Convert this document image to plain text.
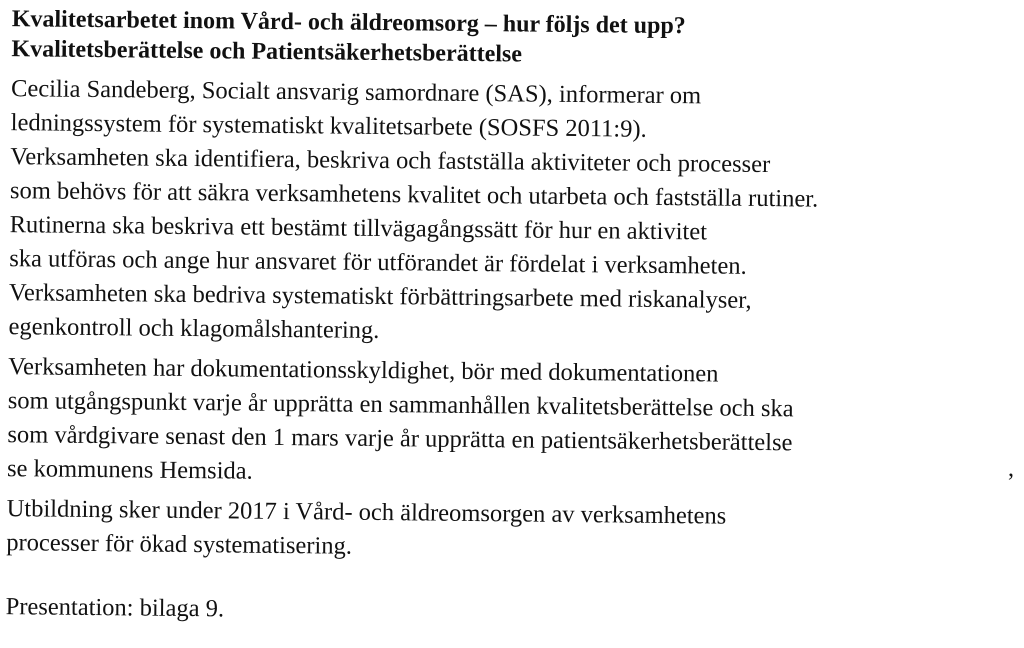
Kvalitetsarbetet inom Vård- och äldreomsorg – hur följs det upp?
Kvalitetsberättelse och Patientsäkerhetsberättelse
Cecilia Sandeberg, Socialt ansvarig samordnare (SAS), informerar om
ledningssystem för systematiskt kvalitetsarbete (SOSFS 2011:9).
Verksamheten ska identifiera, beskriva och fastställa aktiviteter och processer
som behövs för att säkra verksamhetens kvalitet och utarbeta och fastställa rutiner.
Rutinerna ska beskriva ett bestämt tillvägagångssätt för hur en aktivitet
ska utföras och ange hur ansvaret för utförandet är fördelat i verksamheten.
Verksamheten ska bedriva systematiskt förbättringsarbete med riskanalyser,
egenkontroll och klagomålshantering.
Verksamheten har dokumentationsskyldighet, bör med dokumentationen
som utgångspunkt varje år upprätta en sammanhållen kvalitetsberättelse och ska
som vårdgivare senast den 1 mars varje år upprätta en patientsäkerhetsberättelse
se kommunens Hemsida.
Utbildning sker under 2017 i Vård- och äldreomsorgen av verksamhetens
processer för ökad systematisering.
Presentation: bilaga 9.
,
